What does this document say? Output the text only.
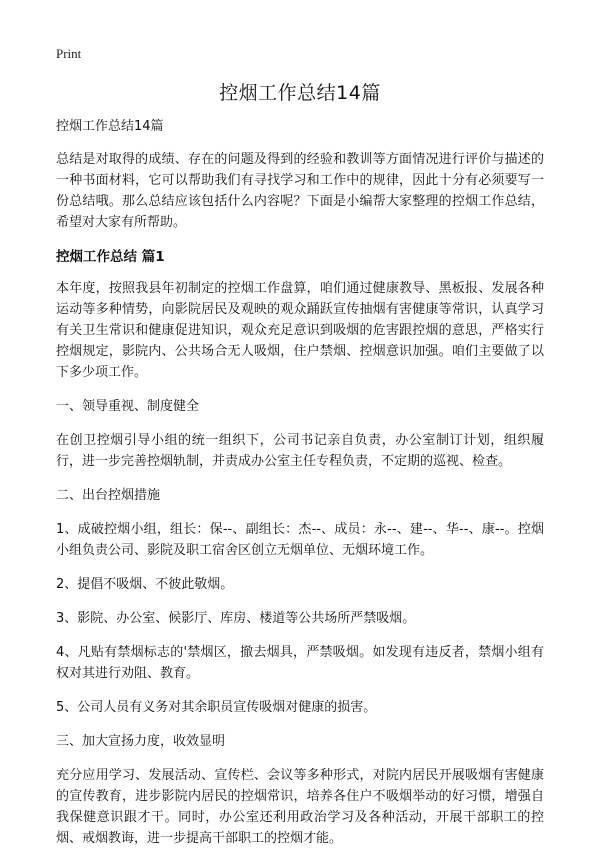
Print
控烟工作总结14篇

控烟工作总结14篇

总结是对取得的成绩、存在的问题及得到的经验和教训等方面情况进行评价与描述的一种书面材料，它可以帮助我们有寻找学习和工作中的规律，因此十分有必须要写一份总结哦。那么总结应该包括什么内容呢？下面是小编帮大家整理的控烟工作总结，希望对大家有所帮助。

控烟工作总结 篇1

本年度，按照我县年初制定的控烟工作盘算，咱们通过健康教导、黑板报、发展各种运动等多种情势，向影院居民及观映的观众踊跃宣传抽烟有害健康等常识，认真学习有关卫生常识和健康促进知识，观众充足意识到吸烟的危害跟控烟的意思，严格实行控烟规定，影院内、公共场合无人吸烟，住户禁烟、控烟意识加强。咱们主要做了以下多少项工作。

一、领导重视、制度健全

在创卫控烟引导小组的统一组织下，公司书记亲自负责，办公室制订计划，组织履行，进一步完善控烟轨制，并责成办公室主任专程负责，不定期的巡视、检查。

二、出台控烟措施

1、成破控烟小组，组长：保--、副组长：杰--、成员：永--、建--、华--、康--。控烟小组负责公司、影院及职工宿舍区创立无烟单位、无烟环境工作。

2、提倡不吸烟、不彼此敬烟。

3、影院、办公室、候影厅、库房、楼道等公共场所严禁吸烟。

4、凡贴有禁烟标志的'禁烟区，撤去烟具，严禁吸烟。如发现有违反者，禁烟小组有权对其进行劝阻、教育。

5、公司人员有义务对其余职员宣传吸烟对健康的损害。

三、加大宣扬力度，收效显明

充分应用学习、发展活动、宣传栏、会议等多种形式，对院内居民开展吸烟有害健康的宣传教育，进步影院内居民的控烟常识，培养各住户不吸烟举动的好习惯，增强自我保健意识跟才干。同时，办公室还利用政治学习及各种活动，开展干部职工的控烟、戒烟教诲，进一步提高干部职工的控烟才能。
